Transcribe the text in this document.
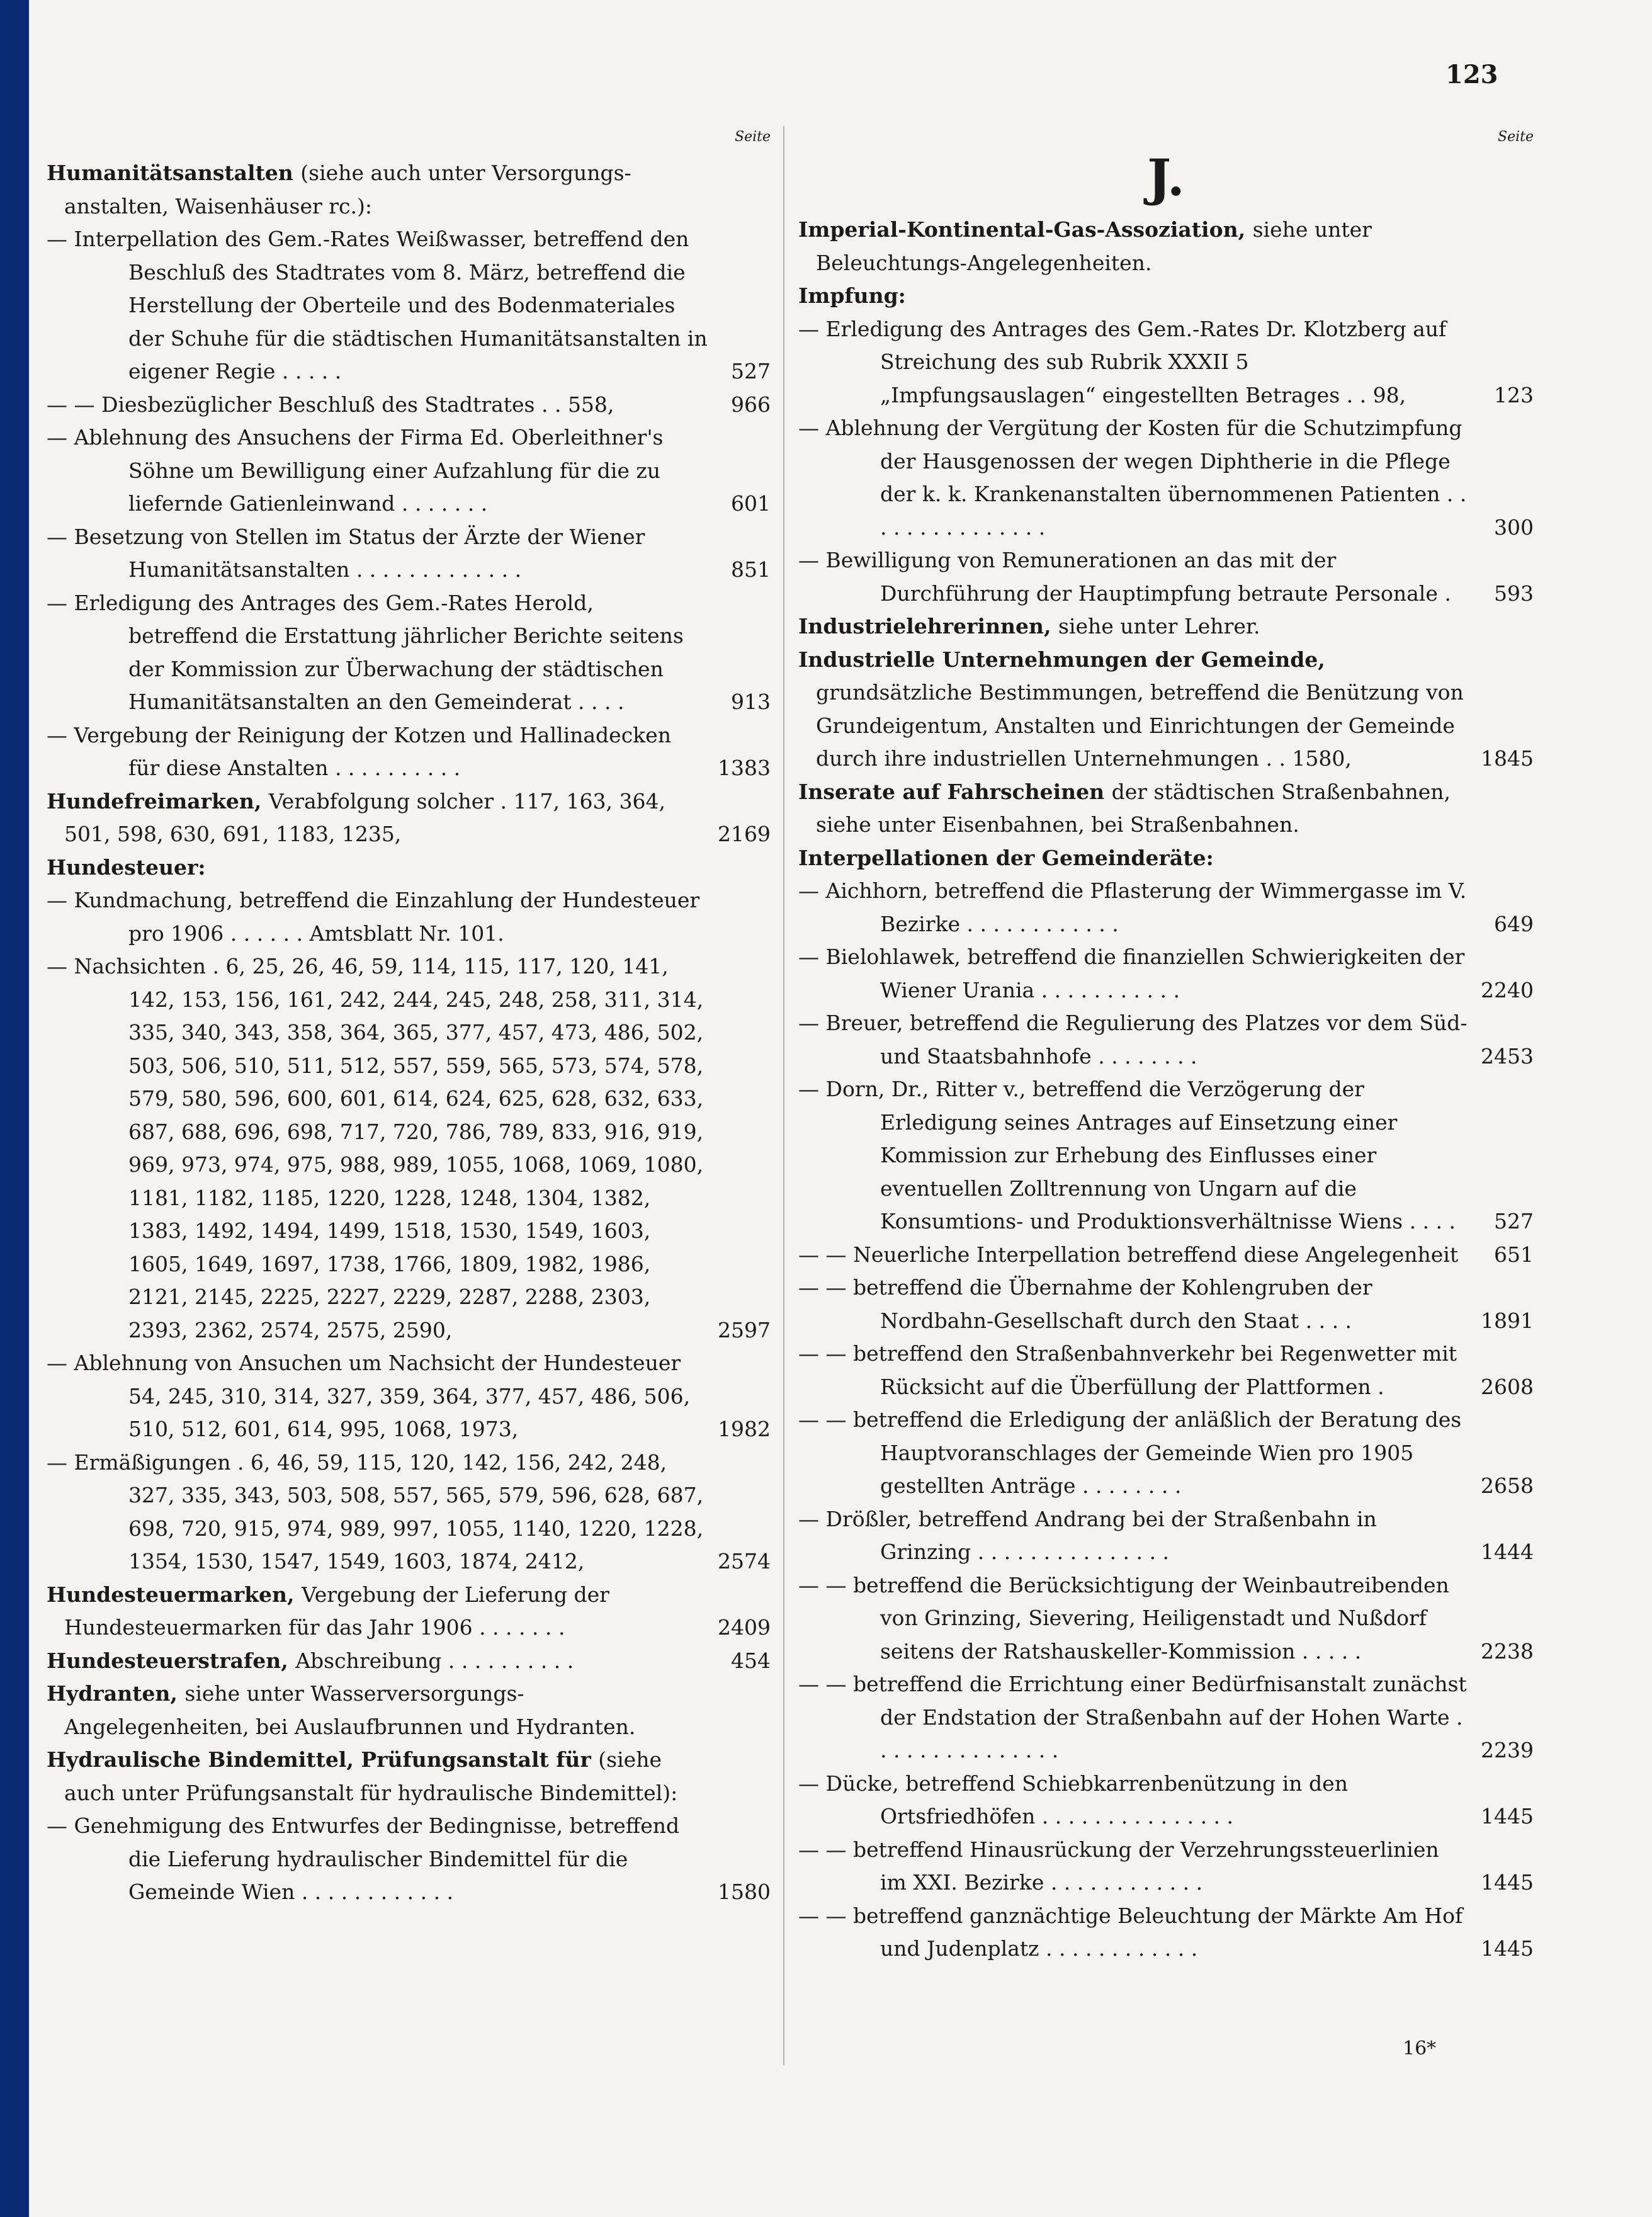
123
Seite
Humanitätsanstalten (siehe auch unter Versorgungsanstalten, Waisenhäuser rc.):
— Interpellation des Gem.-Rates Weißwasser, betreffend den Beschluß des Stadtrates vom 8. März, betreffend die Herstellung der Oberteile und des Bodenmateriales der Schuhe für die städtischen Humanitätsanstalten in eigener Regie . . . . .	527
— — Diesbezüglicher Beschluß des Stadtrates . . 558,	966
— Ablehnung des Ansuchens der Firma Ed. Oberleithner's Söhne um Bewilligung einer Aufzahlung für die zu liefernde Gatienleinwand . . . . . . .	601
— Besetzung von Stellen im Status der Ärzte der Wiener Humanitätsanstalten . . . . . . . . . . . . .	851
— Erledigung des Antrages des Gem.-Rates Herold, betreffend die Erstattung jährlicher Berichte seitens der Kommission zur Überwachung der städtischen Humanitätsanstalten an den Gemeinderat . . . .	913
— Vergebung der Reinigung der Kotzen und Hallinadecken für diese Anstalten . . . . . . . . . .	1383
Hundefreimarken, Verabfolgung solcher . 117, 163, 364, 501, 598, 630, 691, 1183, 1235,	2169
Hundesteuer:
— Kundmachung, betreffend die Einzahlung der Hundesteuer pro 1906 . . . . . . Amtsblatt Nr. 101.
— Nachsichten . 6, 25, 26, 46, 59, 114, 115, 117, 120, 141, 142, 153, 156, 161, 242, 244, 245, 248, 258, 311, 314, 335, 340, 343, 358, 364, 365, 377, 457, 473, 486, 502, 503, 506, 510, 511, 512, 557, 559, 565, 573, 574, 578, 579, 580, 596, 600, 601, 614, 624, 625, 628, 632, 633, 687, 688, 696, 698, 717, 720, 786, 789, 833, 916, 919, 969, 973, 974, 975, 988, 989, 1055, 1068, 1069, 1080, 1181, 1182, 1185, 1220, 1228, 1248, 1304, 1382, 1383, 1492, 1494, 1499, 1518, 1530, 1549, 1603, 1605, 1649, 1697, 1738, 1766, 1809, 1982, 1986, 2121, 2145, 2225, 2227, 2229, 2287, 2288, 2303, 2393, 2362, 2574, 2575, 2590,	2597
— Ablehnung von Ansuchen um Nachsicht der Hundesteuer 54, 245, 310, 314, 327, 359, 364, 377, 457, 486, 506, 510, 512, 601, 614, 995, 1068, 1973,	1982
— Ermäßigungen . 6, 46, 59, 115, 120, 142, 156, 242, 248, 327, 335, 343, 503, 508, 557, 565, 579, 596, 628, 687, 698, 720, 915, 974, 989, 997, 1055, 1140, 1220, 1228, 1354, 1530, 1547, 1549, 1603, 1874, 2412,	2574
Hundesteuermarken, Vergebung der Lieferung der Hundesteuermarken für das Jahr 1906 . . . . . . .	2409
Hundesteuerstrafen, Abschreibung . . . . . . . . . .	454
Hydranten, siehe unter Wasserversorgungs-Angelegenheiten, bei Auslaufbrunnen und Hydranten.
Hydraulische Bindemittel, Prüfungsanstalt für (siehe auch unter Prüfungsanstalt für hydraulische Bindemittel):
— Genehmigung des Entwurfes der Bedingnisse, betreffend die Lieferung hydraulischer Bindemittel für die Gemeinde Wien . . . . . . . . . . . .	1580
Seite
J.
Imperial-Kontinental-Gas-Assoziation, siehe unter Beleuchtungs-Angelegenheiten.
Impfung:
— Erledigung des Antrages des Gem.-Rates Dr. Klotzberg auf Streichung des sub Rubrik XXXII 5 „Impfungsauslagen“ eingestellten Betrages . . 98,	123
— Ablehnung der Vergütung der Kosten für die Schutzimpfung der Hausgenossen der wegen Diphtherie in die Pflege der k. k. Krankenanstalten übernommenen Patienten . . . . . . . . . . . . . . .	300
— Bewilligung von Remunerationen an das mit der Durchführung der Hauptimpfung betraute Personale .	593
Industrielehrerinnen, siehe unter Lehrer.
Industrielle Unternehmungen der Gemeinde, grundsätzliche Bestimmungen, betreffend die Benützung von Grundeigentum, Anstalten und Einrichtungen der Gemeinde durch ihre industriellen Unternehmungen . . 1580,	1845
Inserate auf Fahrscheinen der städtischen Straßenbahnen, siehe unter Eisenbahnen, bei Straßenbahnen.
Interpellationen der Gemeinderäte:
— Aichhorn, betreffend die Pflasterung der Wimmergasse im V. Bezirke . . . . . . . . . . . .	649
— Bielohlawek, betreffend die finanziellen Schwierigkeiten der Wiener Urania . . . . . . . . . . .	2240
— Breuer, betreffend die Regulierung des Platzes vor dem Süd- und Staatsbahnhofe . . . . . . . .	2453
— Dorn, Dr., Ritter v., betreffend die Verzögerung der Erledigung seines Antrages auf Einsetzung einer Kommission zur Erhebung des Einflusses einer eventuellen Zolltrennung von Ungarn auf die Konsumtions- und Produktionsverhältnisse Wiens . . . .	527
— — Neuerliche Interpellation betreffend diese Angelegenheit	651
— — betreffend die Übernahme der Kohlengruben der Nordbahn-Gesellschaft durch den Staat . . . .	1891
— — betreffend den Straßenbahnverkehr bei Regenwetter mit Rücksicht auf die Überfüllung der Plattformen .	2608
— — betreffend die Erledigung der anläßlich der Beratung des Hauptvoranschlages der Gemeinde Wien pro 1905 gestellten Anträge . . . . . . . .	2658
— Drößler, betreffend Andrang bei der Straßenbahn in Grinzing . . . . . . . . . . . . . . .	1444
— — betreffend die Berücksichtigung der Weinbautreibenden von Grinzing, Sievering, Heiligenstadt und Nußdorf seitens der Ratshauskeller-Kommission . . . . .	2238
— — betreffend die Errichtung einer Bedürfnisanstalt zunächst der Endstation der Straßenbahn auf der Hohen Warte . . . . . . . . . . . . . . .	2239
— Dücke, betreffend Schiebkarrenbenützung in den Ortsfriedhöfen . . . . . . . . . . . . . . .	1445
— — betreffend Hinausrückung der Verzehrungssteuerlinien im XXI. Bezirke . . . . . . . . . . . .	1445
— — betreffend ganznächtige Beleuchtung der Märkte Am Hof und Judenplatz . . . . . . . . . . . .	1445
16*
